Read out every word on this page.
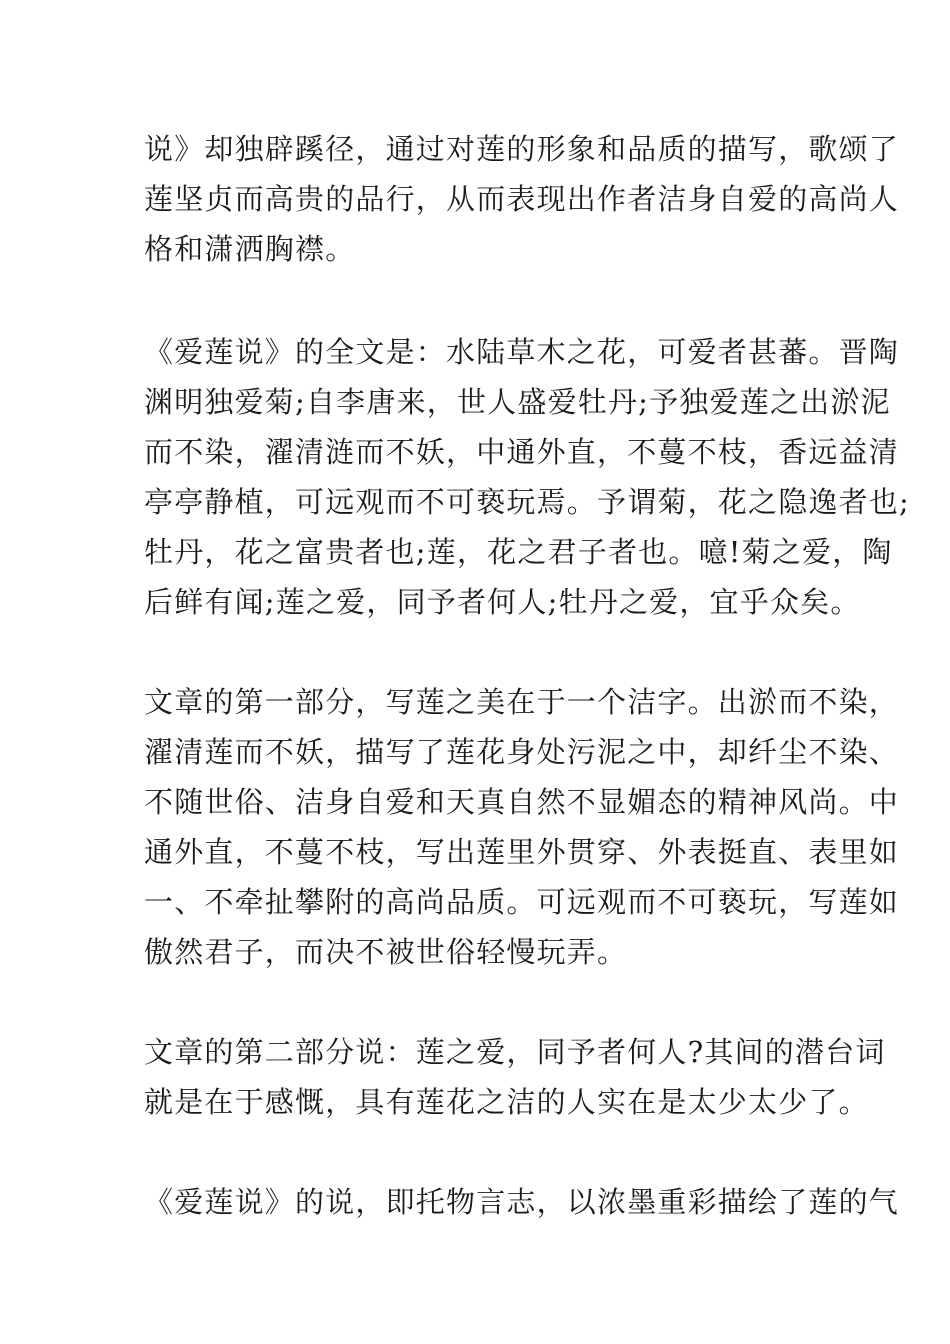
说》却独辟蹊径，通过对莲的形象和品质的描写，歌颂了
莲坚贞而高贵的品行，从而表现出作者洁身自爱的高尚人
格和潇洒胸襟。
《爱莲说》的全文是：水陆草木之花，可爱者甚蕃。晋陶
渊明独爱菊;自李唐来，世人盛爱牡丹;予独爱莲之出淤泥
而不染，濯清涟而不妖，中通外直，不蔓不枝，香远益清
亭亭静植，可远观而不可亵玩焉。予谓菊，花之隐逸者也;
牡丹，花之富贵者也;莲，花之君子者也。噫!菊之爱，陶
后鲜有闻;莲之爱，同予者何人;牡丹之爱，宜乎众矣。
文章的第一部分，写莲之美在于一个洁字。出淤而不染，
濯清莲而不妖，描写了莲花身处污泥之中，却纤尘不染、
不随世俗、洁身自爱和天真自然不显媚态的精神风尚。中
通外直，不蔓不枝，写出莲里外贯穿、外表挺直、表里如
一、不牵扯攀附的高尚品质。可远观而不可亵玩，写莲如
傲然君子，而决不被世俗轻慢玩弄。
文章的第二部分说：莲之爱，同予者何人?其间的潜台词
就是在于感慨，具有莲花之洁的人实在是太少太少了。
《爱莲说》的说，即托物言志，以浓墨重彩描绘了莲的气
